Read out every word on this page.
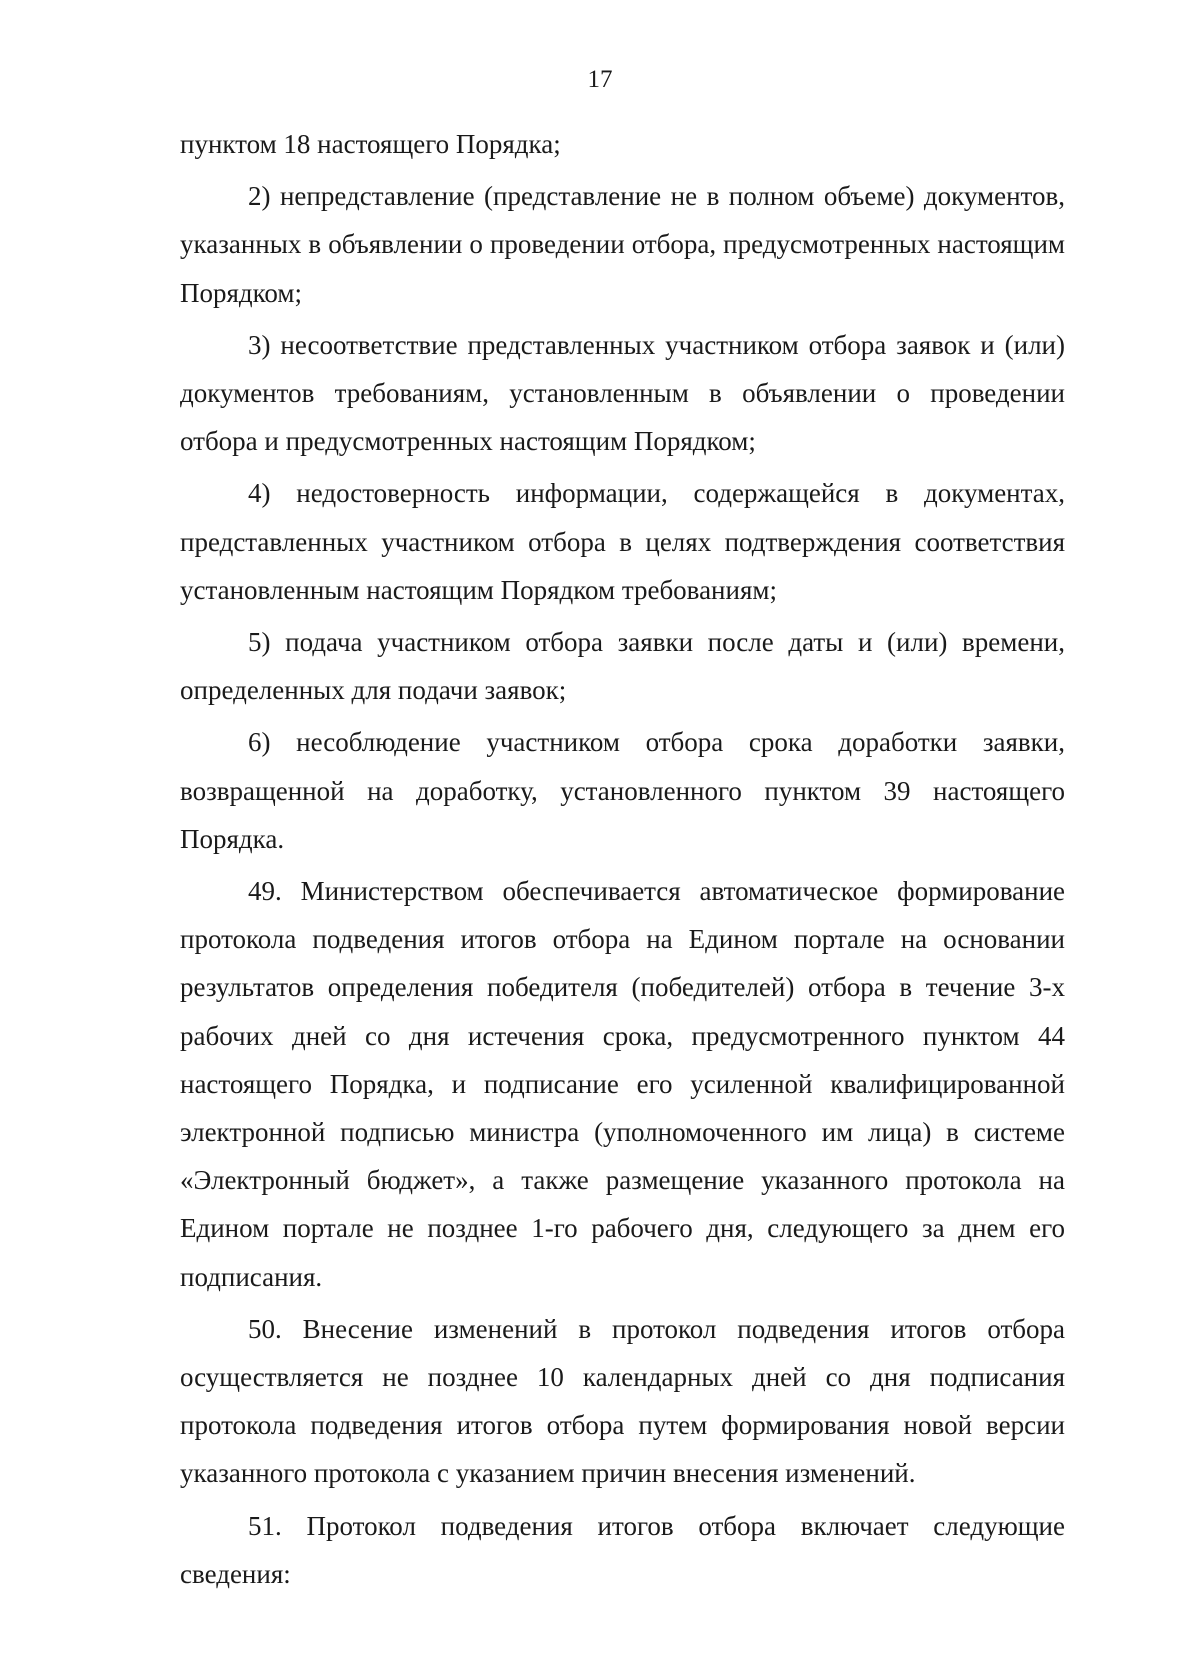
17

пунктом 18 настоящего Порядка;

2) непредставление (представление не в полном объеме) документов, указанных в объявлении о проведении отбора, предусмотренных настоящим Порядком;

3) несоответствие представленных участником отбора заявок и (или) документов требованиям, установленным в объявлении о проведении отбора и предусмотренных настоящим Порядком;

4) недостоверность информации, содержащейся в документах, представленных участником отбора в целях подтверждения соответствия установленным настоящим Порядком требованиям;

5) подача участником отбора заявки после даты и (или) времени, определенных для подачи заявок;

6) несоблюдение участником отбора срока доработки заявки, возвращенной на доработку, установленного пунктом 39 настоящего Порядка.

49. Министерством обеспечивается автоматическое формирование протокола подведения итогов отбора на Едином портале на основании результатов определения победителя (победителей) отбора в течение 3-х рабочих дней со дня истечения срока, предусмотренного пунктом 44 настоящего Порядка, и подписание его усиленной квалифицированной электронной подписью министра (уполномоченного им лица) в системе «Электронный бюджет», а также размещение указанного протокола на Едином портале не позднее 1-го рабочего дня, следующего за днем его подписания.

50. Внесение изменений в протокол подведения итогов отбора осуществляется не позднее 10 календарных дней со дня подписания протокола подведения итогов отбора путем формирования новой версии указанного протокола с указанием причин внесения изменений.

51. Протокол подведения итогов отбора включает следующие сведения:
